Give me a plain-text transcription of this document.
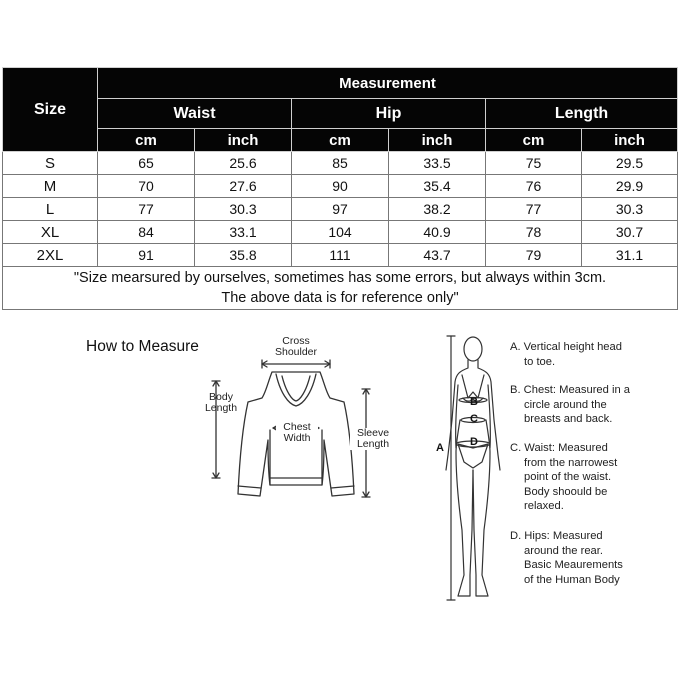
Size	Measurement					
	Waist		Hip		Length	
	cm	inch	cm	inch	cm	inch
S	65	25.6	85	33.5	75	29.5
M	70	27.6	90	35.4	76	29.9
L	77	30.3	97	38.2	77	30.3
XL	84	33.1	104	40.9	78	30.7
2XL	91	35.8	111	43.7	79	31.1
"Size mearsured by ourselves, sometimes has some errors, but always within 3cm.
The above data is for reference only"						
How to Measure	Cross
Shoulder
Body
Length
Chest
Width	Sleeve
Length	A
B
C
D
A. Vertical height head
to toe.
B. Chest: Measured in a
circle around the
breasts and back.
C. Waist: Measured
from the narrowest
point of the waist.
Body shoould be
relaxed.
D. Hips: Measured
around the rear.
Basic Meaurements
of the Human Body
